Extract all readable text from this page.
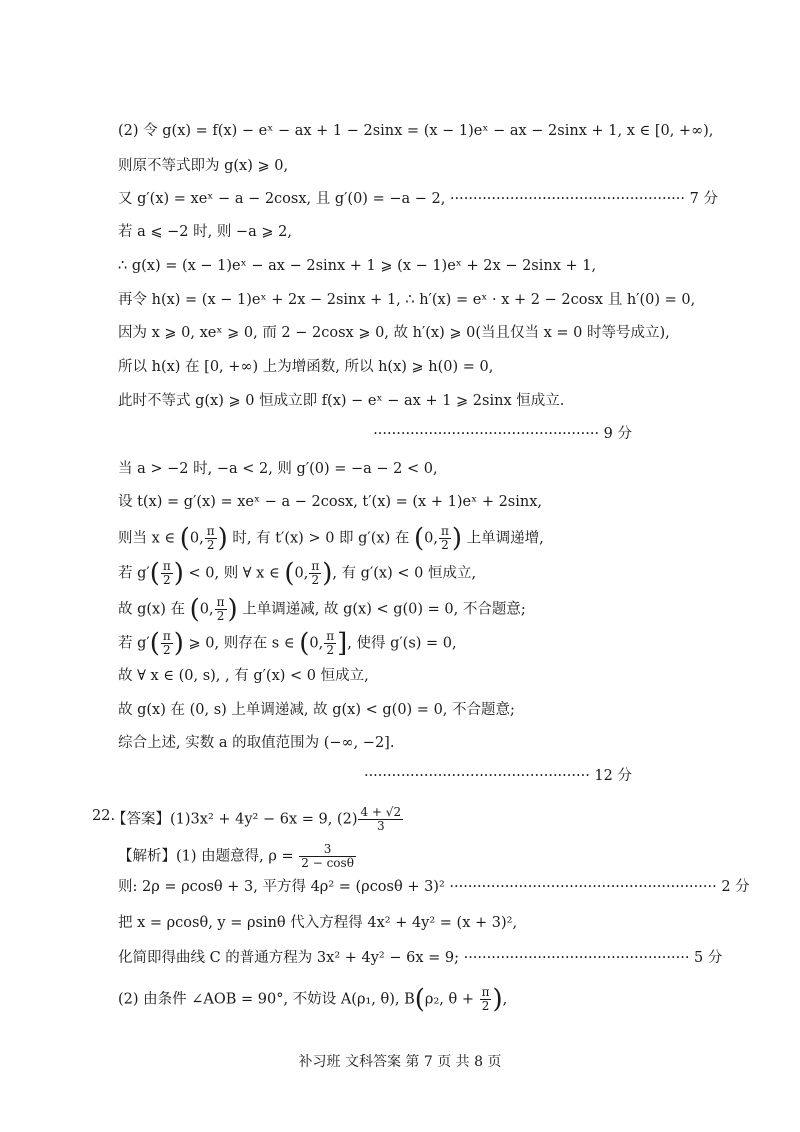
(2) 令 g(x) = f(x) − eˣ − ax + 1 − 2sinx = (x − 1)eˣ − ax − 2sinx + 1, x ∈ [0, +∞),
则原不等式即为 g(x) ⩾ 0,
又 g′(x) = xeˣ − a − 2cosx, 且 g′(0) = −a − 2, ··················································· 7 分
若 a ⩽ −2 时, 则 −a ⩾ 2,
∴ g(x) = (x − 1)eˣ − ax − 2sinx + 1 ⩾ (x − 1)eˣ + 2x − 2sinx + 1,
再令 h(x) = (x − 1)eˣ + 2x − 2sinx + 1, ∴ h′(x) = eˣ · x + 2 − 2cosx 且 h′(0) = 0,
因为 x ⩾ 0, xeˣ ⩾ 0, 而 2 − 2cosx ⩾ 0, 故 h′(x) ⩾ 0(当且仅当 x = 0 时等号成立),
所以 h(x) 在 [0, +∞) 上为增函数, 所以 h(x) ⩾ h(0) = 0,
此时不等式 g(x) ⩾ 0 恒成立即 f(x) − eˣ − ax + 1 ⩾ 2sinx 恒成立.
················································· 9 分
当 a > −2 时, −a < 2, 则 g′(0) = −a − 2 < 0,
设 t(x) = g′(x) = xeˣ − a − 2cosx, t′(x) = (x + 1)eˣ + 2sinx,
则当 x ∈ (0, $\frac{\pi}{2}$ ) 时, 有 t′(x) > 0 即 g′(x) 在 (0, $\frac{\pi}{2}$ ) 上单调递增,
若 $g'( \frac{\pi}{2}$ ) < 0, 则 ∀ x ∈ (0, $\frac{\pi}{2}$ ), 有 g′(x) < 0 恒成立,
故 g(x) 在 (0, $\frac{\pi}{2}$ ) 上单调递减, 故 g(x) < g(0) = 0, 不合题意;
若 $g'( \frac{\pi}{2}$ ) ⩾ 0, 则存在 s ∈ (0, $\frac{\pi}{2}$ ], 使得 g′(s) = 0,
故 ∀ x ∈ (0, s), , 有 g′(x) < 0 恒成立,
故 g(x) 在 (0, s) 上单调递减, 故 g(x) < g(0) = 0, 不合题意;
综合上述, 实数 a 的取值范围为 (−∞, −2].
················································· 12 分
22.
【答案】(1)3x² + 4y² − 6x = 9, $(2) \frac{4 + √2}{3}$
【解析】(1) 由题意得, $\rho = \frac{3}{2 - \cos\theta}$
则: 2ρ = ρcosθ + 3, 平方得 4ρ² = (ρcosθ + 3)² ·························································· 2 分
把 x = ρcosθ, y = ρsinθ 代入方程得 4x² + 4y² = (x + 3)²,
化简即得曲线 C 的普通方程为 3x² + 4y² − 6x = 9; ················································· 5 分
(2) 由条件 ∠AOB = 90°, 不妨设 A(ρ₁, θ), B(ρ₂, $\theta + \frac{\pi}{2}$ ),
补习班 文科答案 第 7 页 共 8 页
